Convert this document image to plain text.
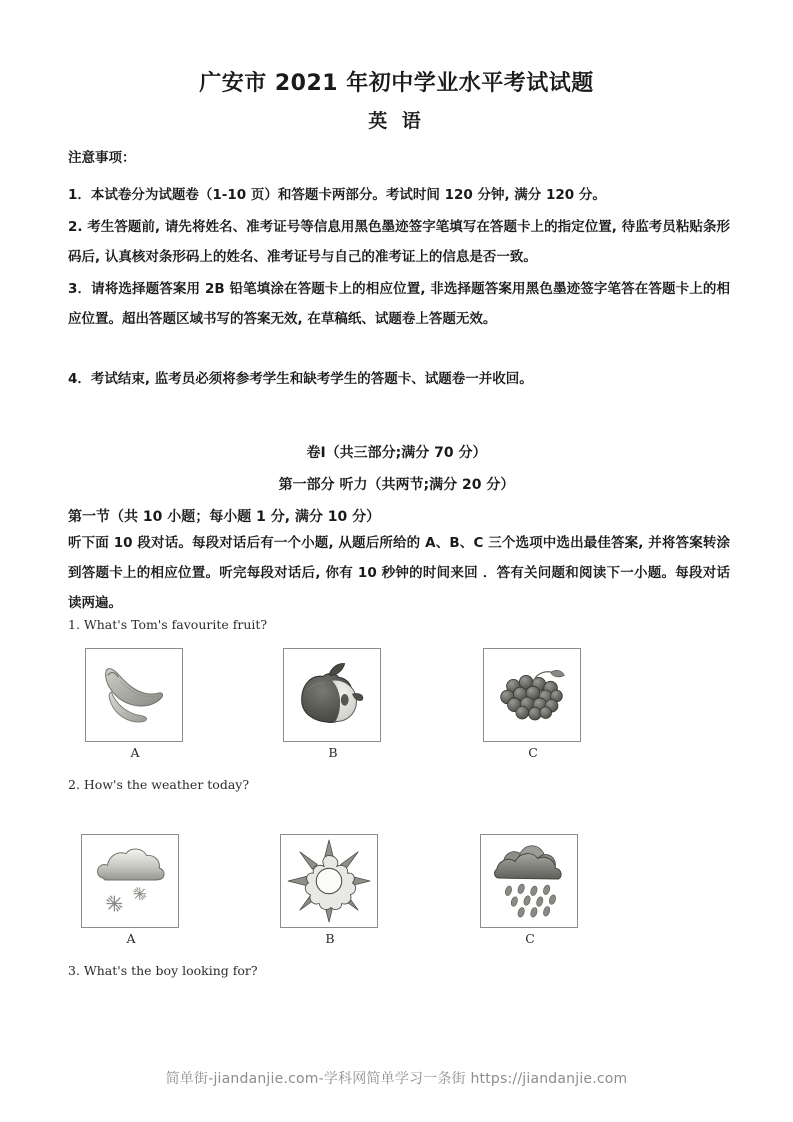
广安市 2021 年初中学业水平考试试题
英 语
注意事项：
1．本试卷分为试题卷（1-10 页）和答题卡两部分。考试时间 120 分钟, 满分 120 分。
2. 考生答题前, 请先将姓名、准考证号等信息用黑色墨迹签字笔填写在答题卡上的指定位置, 待监考员粘贴条形码后, 认真核对条形码上的姓名、准考证号与自己的准考证上的信息是否一致。
3．请将选择题答案用 2B 铅笔填涂在答题卡上的相应位置, 非选择题答案用黑色墨迹签字笔答在答题卡上的相应位置。超出答题区域书写的答案无效, 在草稿纸、试题卷上答题无效。
4．考试结束, 监考员必须将参考学生和缺考学生的答题卡、试题卷一并收回。
卷I（共三部分;满分 70 分）
第一部分 听力（共两节;满分 20 分）
第一节（共 10 小题；每小题 1 分, 满分 10 分）
听下面 10 段对话。每段对话后有一个小题, 从题后所给的 A、B、C 三个选项中选出最佳答案, 并将答案转涂到答题卡上的相应位置。听完每段对话后, 你有 10 秒钟的时间来回 ．答有关问题和阅读下一小题。每段对话读两遍。
1. What's Tom's favourite fruit?
A	B	C
2. How's the weather today?
A	B	C
3. What's the boy looking for?
简单街-jiandanjie.com-学科网简单学习一条街 https://jiandanjie.com
